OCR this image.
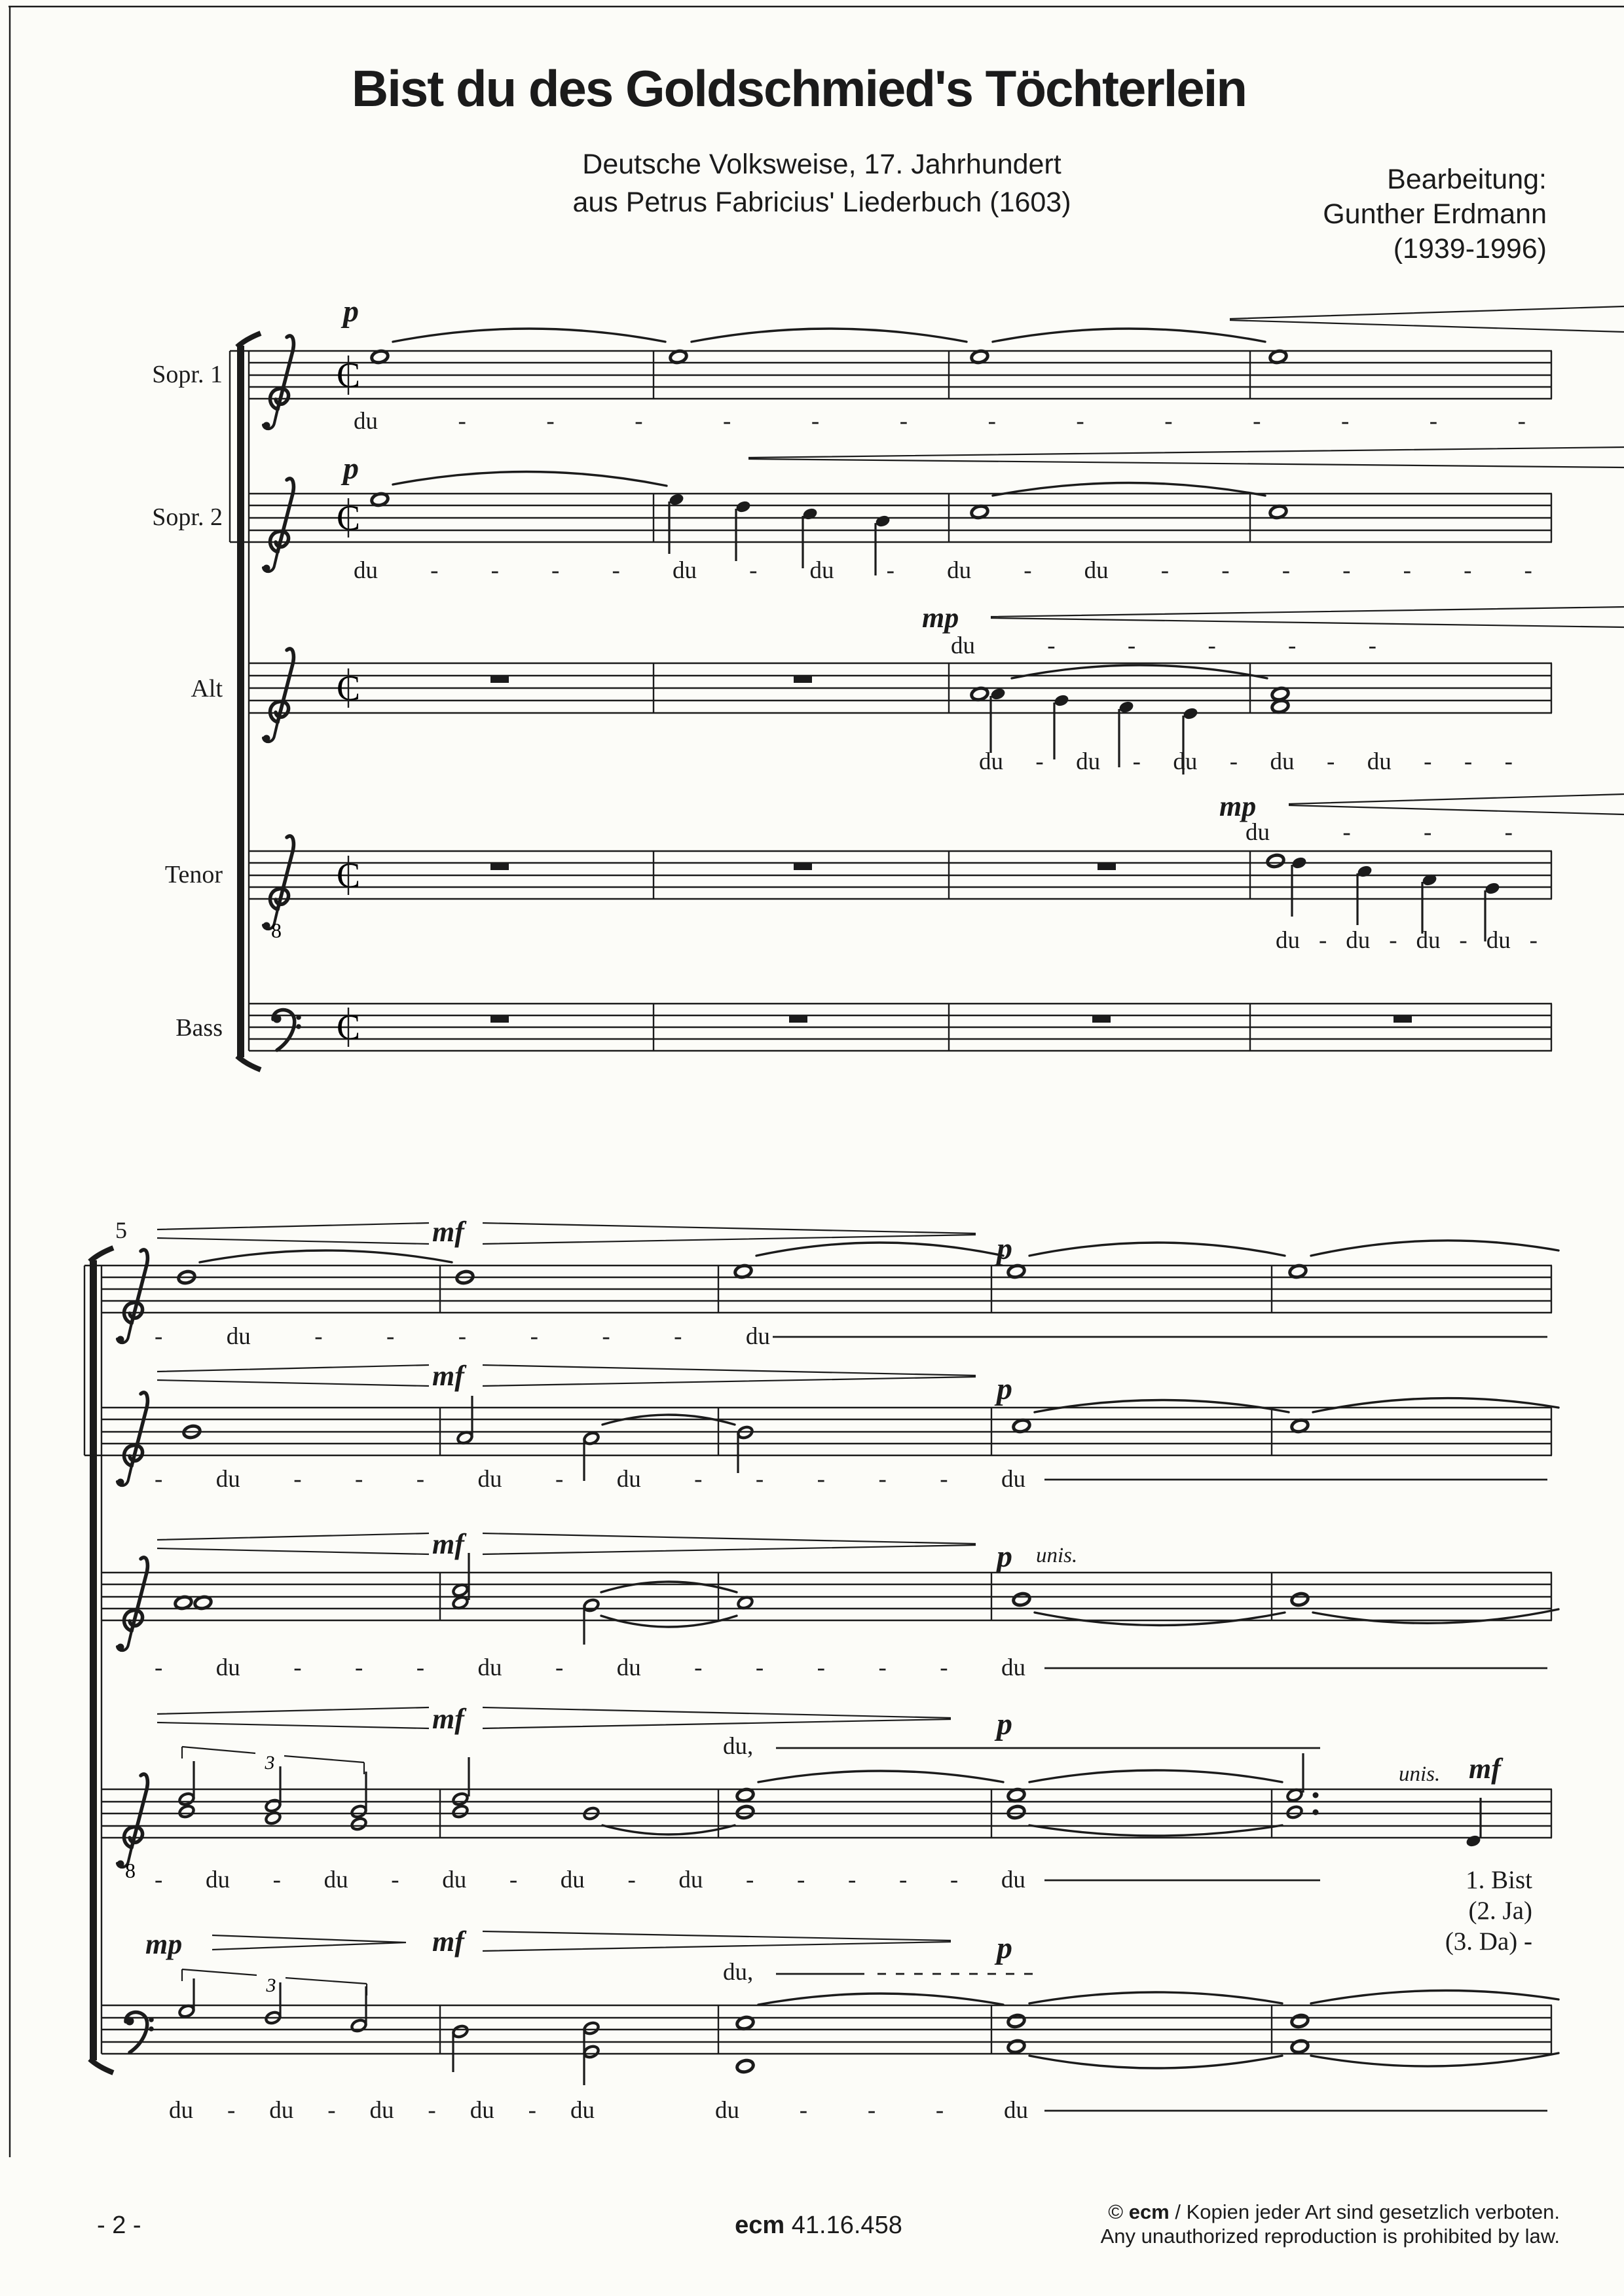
8
C
C
C
C
C
8
3
3
Bist du des Goldschmied's Töchterlein
Deutsche Volksweise, 17. Jahrhundert
aus Petrus Fabricius' Liederbuch (1603)
Bearbeitung:
Gunther Erdmann
(1939-1996)
Sopr. 1
Sopr. 2
Alt
Tenor
Bass
p
p
mp
mp
du	-	-	-	-	-	-	-	-	-	-	-	-	-
du - - - - du - du - du - du - - - - - - -
du	-	-	-	-	-
du - du - du - du - du - - -
du	-	-	-
du - du - du - du -
5	mf	p
mf	p
mf	p unis.
mf	p
du,
unis. mf
mp	mf	p
du,
-	du	-	-	-	-	-	-	du
- du - - - du - du - - - - - du
- du - - - du - du - - - - - du
- du - du - du - du - du - - - - - du
du - du - du - du - du	du - - - du
1. Bist
(2. Ja)
(3. Da) -
- 2 -	ecm 41.16.458	© ecm / Kopien jeder Art sind gesetzlich verboten.
Any unauthorized reproduction is prohibited by law.
